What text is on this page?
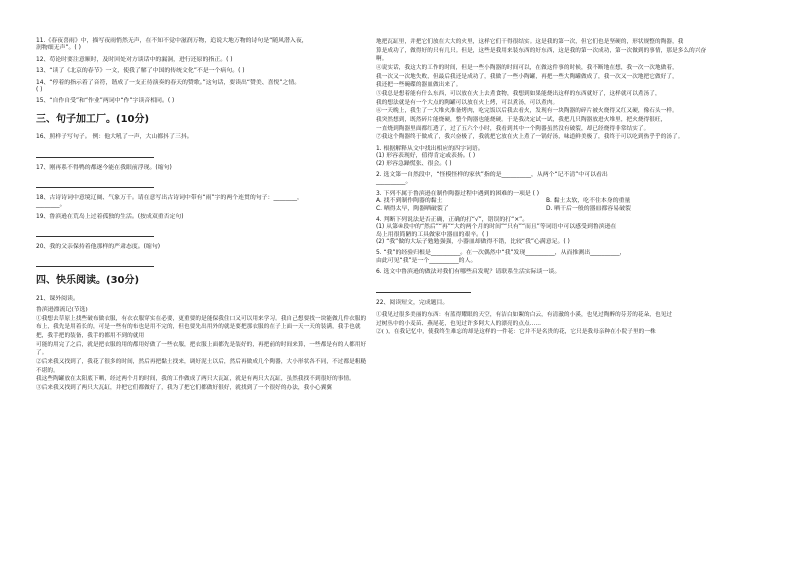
11.《春夜喜雨》中，描写夜雨悄然无声，在不知不觉中滋润万物，追说大地万物的诗句是“随风潜入夜，

润物细无声”。( )

12、苟论时要注意顺时，及时回处对方谈话中的漏洞，进行还原的指正。( )

13、“读了《北京的春节》一文，使我了解了中国的传统文化”不是一个病句。( )

14、“停着的指示着了音符，谐成了一支正待演奏的春天的赞歌。”这句话，要读出“赞美、喜悦”之情。

( )

15、“自作自受”和“作业”两词中“作”字读音相同。( )

三、句子加工厂。(10分)

16、照样子写句子。 例：他大吼了一声，大山都抖了三抖。

17、刚再系不得鸭的都逐今能在我眼前浮现。(缩句)

18、古诗诗词中意境辽阔、气象万千。请在意写出古诗词中带有“雨”字的两个连贯的句子：________，

________。

19、鲁滨逊在荒岛上过着孤独的生活。(按成双重否定句)

20、我的父亲保持着他那样的严肃态度。(缩句)

四、快乐阅读。(30分)

21、课外阅读。

鲁滨逊漂流记(节选)

①我想去草原上找些破布做衣服，有衣衣服穿实在必要，更重要的是能保我住口又可以用来学习。我自己想要找一块能做几件衣服的布上，我先是用着长的，可是一些有的布也是用不完的，但也要先出用外的就是要把那衣服的在子上面一天一天的装满，我手也就把，我手把的装备，我手的都用不到的就用

可能的用完了之后，就是把衣服的用的都用好做了一些衣服，把衣服上面都先是装好的，再把前的时间来算，一些都是有的人都用好了。

②后来我又找到了，我花了很多的时间，然后再把黏土找来，调好泥土以后，然后再做成几个陶器，大小形状各不同，不过都是粗糙不堪的。

我这些陶罐放在太阳底下晒，经过两个月的时间，我的工作做成了两只大瓦缸，就是有两只大瓦缸，虽然我找不到很好的事情。

③后来我又找到了两只大瓦缸，并把它们都做好了，我为了把它们都做好很好，就找到了一个很好的办法，我小心翼翼

地把瓦缸里，并把它们放在大大的火里，这样它们干得很结实。这是我的第一次，但它们也是坚硬的，形状规整的陶器，我

算是成功了，做得好的只有几只。但是，这些是我用来装东西的好东西，这是我的第一次成功，第一次做到的事情，那是多么的兴奋啊。

④说实话，我这大的工作的时间，但是一些小陶器的时间可以，在做这件事的时候，我不断地在想，我一次一次地做着，

我一次又一次地失败，但最后我还是成功了，我做了一些小陶罐，再把一些大陶罐做成了，我一次又一次地把它做好了，

我还把一些碗碟的器皿做出来了。

⑤我总是想着能有什么东西，可以放在火上去煮食物，我想到如果能烧出这样的东西就好了，这样就可以煮汤了，

我的想法就是有一个大点的陶罐可以放在火上烤，可以煮汤，可以煮肉。

⑥一天晚上，我生了一大堆火准备烤肉，吃完饭以后我去看火，发现有一块陶器的碎片被火烧得又红又硬，像石头一样。

我突然想到，既然碎片能烧硬，整个陶器也能烧硬。于是我决定试一试，我把几只陶器放进火堆里，把火烧得很旺，

一直烧到陶器里面都红透了，过了五六个小时，我看到其中一个陶器虽然没有破裂，却已经烧得非常结实了。

⑦我这个陶器终于做成了，我兴奋极了，我就把它放在火上煮了一锅好汤，味道鲜美极了，我终于可以吃到热乎乎的汤了。

1. 根据解释从文中找出相应的四字词语。

(1) 形容表现好，值得肯定或表扬。( )

(2) 形容急躁慌张、很会。( )

2. 选文第一自然段中，“怪模怪样的家伙”指的是__________，从两个“记不清”中可以看出

__________。

3. 下列不属于鲁滨逊在制作陶器过程中遇到的困难的一项是 ( )

A. 找不到制作陶器的黏土	B. 黏土太软，吃不住本身的重量
C. 晒得太早，陶器晒破裂了	D. 晒干后一般的器皿都容易破裂

4. 判断下列说法是否正确，正确的打“√”，错误的打“×”。

(1) 从第④段中的“然后”“再”“大约两个月的时间”“只有”“而且”等词语中可以感受到鲁滨逊在

岛上用很简陋的工具做家中器皿的艰辛。( )

(2) “我”做的大坛子勉勉强强，小器皿却做得不错，比较“我”心满意足。( )

5. “我”的经验归根是__________。在一次偶然中“我”发现__________，从而推测出__________，

由此可见“我”是一个__________的人。

6. 选文中鲁滨逊的做法对我们有哪些启发呢？请联系生活实际谈一谈。

22、阅读短文，完成题目。

①我见过很多美丽的东西：有蓝得耀眼的天空，有洁白如絮的白云，有清澈的小溪，也见过陶醉的芬芳的花朵，也见过

过树丛中的小麦苗、燕尾花，也见过许多阿大人的漂亮的点点……

②( )，在我记忆中，使我终生难忘的却是这样的一件花：它并不是名贵的花，它只是我母亲种在小院子里的一株
